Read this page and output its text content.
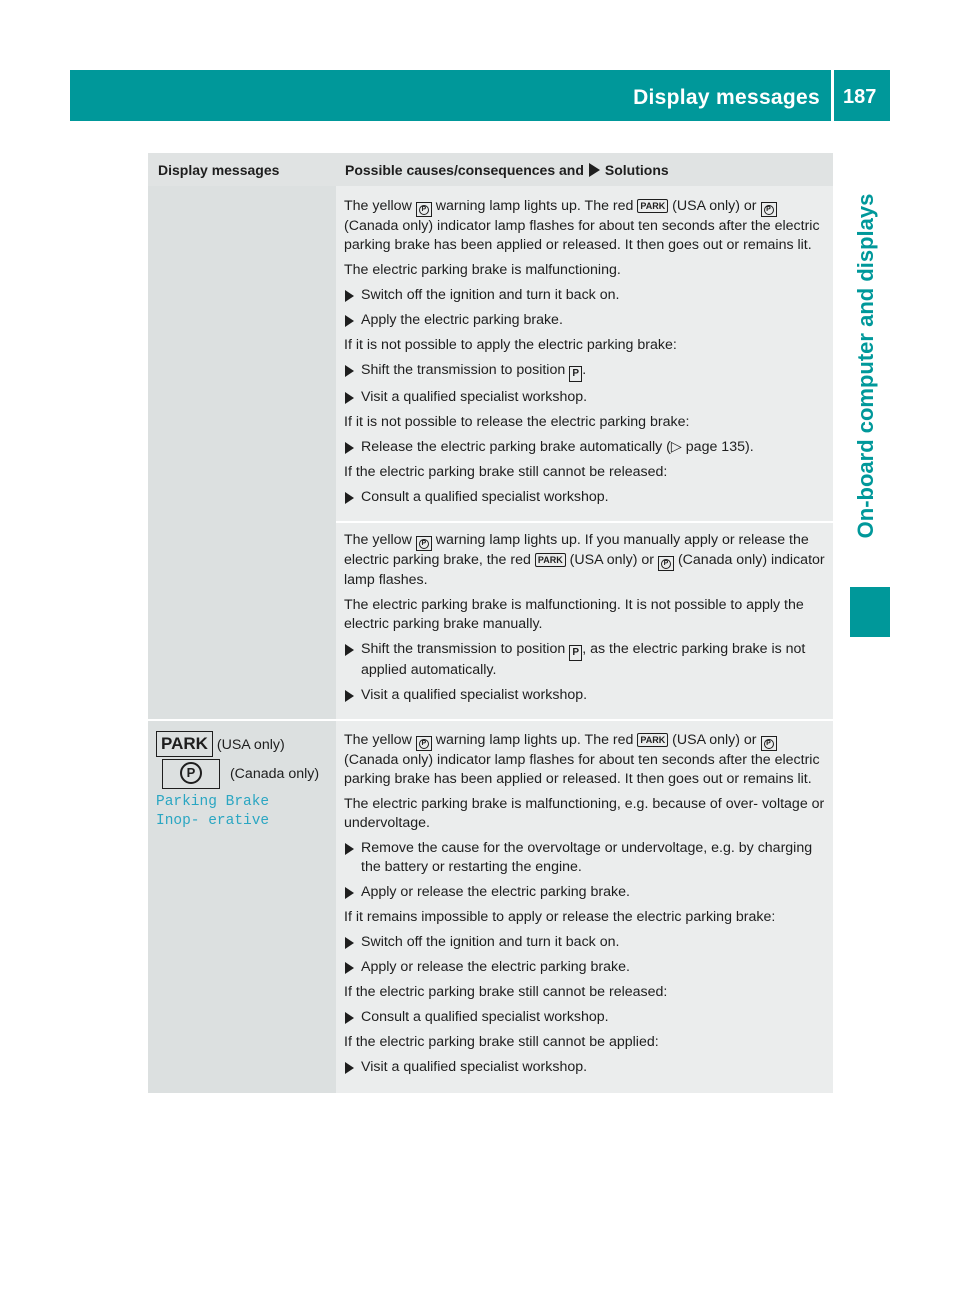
Display messages 187
On-board computer and displays
Display messages	Possible causes/consequences and Solutions

The yellow P warning lamp lights up. The red PARK (USA only) or P (Canada only) indicator lamp flashes for about ten seconds after the electric parking brake has been applied or released. It then goes out or remains lit.

The electric parking brake is malfunctioning.

Switch off the ignition and turn it back on.
Apply the electric parking brake.

If it is not possible to apply the electric parking brake:

Shift the transmission to position P .
Visit a qualified specialist workshop.

If it is not possible to release the electric parking brake:

Release the electric parking brake automatically (▷ page 135).

If the electric parking brake still cannot be released:

Consult a qualified specialist workshop.

The yellow P warning lamp lights up. If you manually apply or release the electric parking brake, the red PARK (USA only) or P (Canada only) indicator lamp flashes.

The electric parking brake is malfunctioning. It is not possible to apply the electric parking brake manually.

Shift the transmission to position P , as the electric parking brake is not applied automatically.
Visit a qualified specialist workshop.
PARK (USA only)
P (Canada only)
Parking Brake Inop‐ erative

The yellow P warning lamp lights up. The red PARK (USA only) or P (Canada only) indicator lamp flashes for about ten seconds after the electric parking brake has been applied or released. It then goes out or remains lit.

The electric parking brake is malfunctioning, e.g. because of over- voltage or undervoltage.

Remove the cause for the overvoltage or undervoltage, e.g. by charging the battery or restarting the engine.
Apply or release the electric parking brake.

If it remains impossible to apply or release the electric parking brake:

Switch off the ignition and turn it back on.
Apply or release the electric parking brake.

If the electric parking brake still cannot be released:

Consult a qualified specialist workshop.

If the electric parking brake still cannot be applied:

Visit a qualified specialist workshop.
